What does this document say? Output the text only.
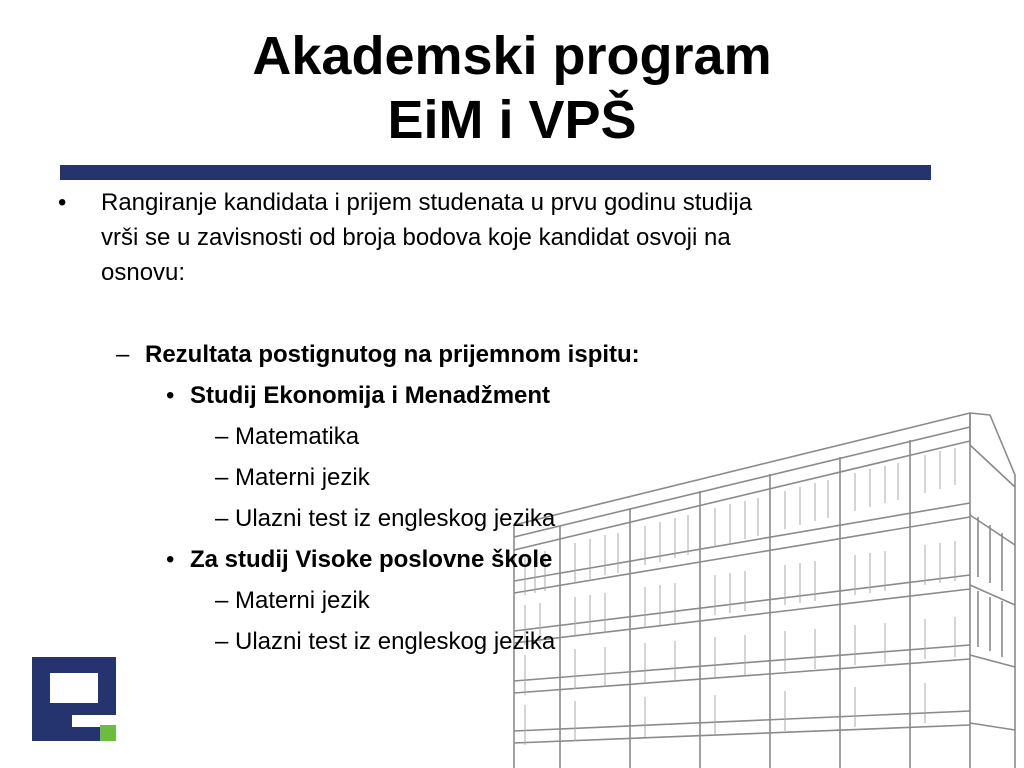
Akademski program
EiM i VPŠ
• Rangiranje kandidata i prijem studenata u prvu godinu studija
vrši se u zavisnosti od broja bodova koje kandidat osvoji na
osnovu:
– Rezultata postignutog na prijemnom ispitu:
• Studij Ekonomija i Menadžment
– Matematika
– Materni jezik
– Ulazni test iz engleskog jezika
• Za studij Visoke poslovne škole
– Materni jezik
– Ulazni test iz engleskog jezika
